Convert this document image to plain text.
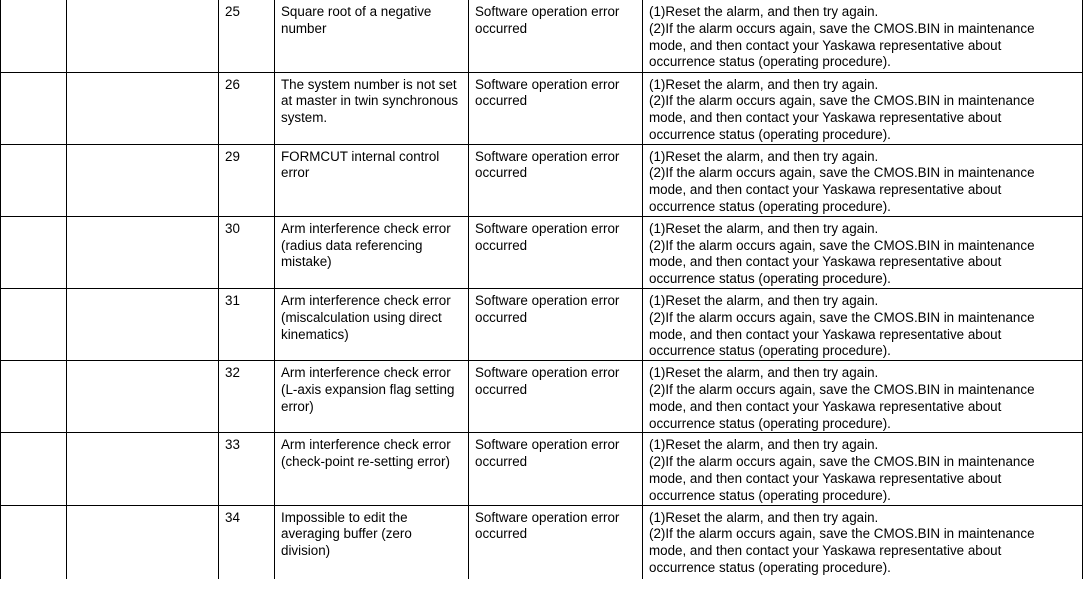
		25	Square root of a negative number	Software operation error occurred	(1)Reset the alarm, and then try again.
(2)If the alarm occurs again, save the CMOS.BIN in maintenance
mode, and then contact your Yaskawa representative about
occurrence status (operating procedure).

		26	The system number is not set at master in twin synchronous system.	Software operation error occurred	(1)Reset the alarm, and then try again.
(2)If the alarm occurs again, save the CMOS.BIN in maintenance
mode, and then contact your Yaskawa representative about
occurrence status (operating procedure).

		29	FORMCUT internal control error	Software operation error occurred	(1)Reset the alarm, and then try again.
(2)If the alarm occurs again, save the CMOS.BIN in maintenance
mode, and then contact your Yaskawa representative about
occurrence status (operating procedure).

		30	Arm interference check error (radius data referencing mistake)	Software operation error occurred	(1)Reset the alarm, and then try again.
(2)If the alarm occurs again, save the CMOS.BIN in maintenance
mode, and then contact your Yaskawa representative about
occurrence status (operating procedure).

		31	Arm interference check error (miscalculation using direct kinematics)	Software operation error occurred	(1)Reset the alarm, and then try again.
(2)If the alarm occurs again, save the CMOS.BIN in maintenance
mode, and then contact your Yaskawa representative about
occurrence status (operating procedure).

		32	Arm interference check error (L-axis expansion flag setting error)	Software operation error occurred	(1)Reset the alarm, and then try again.
(2)If the alarm occurs again, save the CMOS.BIN in maintenance
mode, and then contact your Yaskawa representative about
occurrence status (operating procedure).

		33	Arm interference check error (check-point re-setting error)	Software operation error occurred	(1)Reset the alarm, and then try again.
(2)If the alarm occurs again, save the CMOS.BIN in maintenance
mode, and then contact your Yaskawa representative about
occurrence status (operating procedure).

		34	Impossible to edit the averaging buffer (zero division)	Software operation error occurred	(1)Reset the alarm, and then try again.
(2)If the alarm occurs again, save the CMOS.BIN in maintenance
mode, and then contact your Yaskawa representative about
occurrence status (operating procedure).
